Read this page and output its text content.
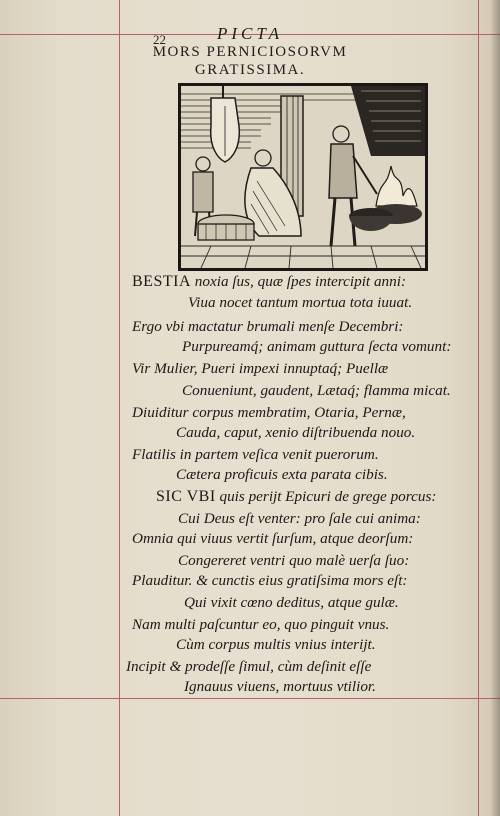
22	PICTA
MORS PERNICIOSORVM
GRATISSIMA.
BESTIA noxia ſus, quæ ſpes intercipit anni:
Viua nocet tantum mortua tota iuuat.
Ergo vbi mactatur brumali menſe Decembri:
Purpureamq́; animam guttura ſecta vomunt:
Vir Mulier, Pueri impexi innuptaq́; Puellæ
Conueniunt, gaudent, Lætaq́; flamma micat.
Diuiditur corpus membratim, Otaria, Pernæ,
Cauda, caput, xenio diſtribuenda nouo.
Flatilis in partem veſica venit puerorum.
Cætera proficuis exta parata cibis.
SIC VBI quis perijt Epicuri de grege porcus:
Cui Deus eſt venter: pro ſale cui anima:
Omnia qui viuus vertit ſurſum, atque deorſum:
Congereret ventri quo malè uerſa ſuo:
Plauditur. & cunctis eius gratiſsima mors eſt:
Qui vixit cœno deditus, atque gulæ.
Nam multi paſcuntur eo, quo pinguit vnus.
Cùm corpus multis vnius interijt.
Incipit & prodeſſe ſimul, cùm deſinit eſſe
Ignauus viuens, mortuus vtilior.
